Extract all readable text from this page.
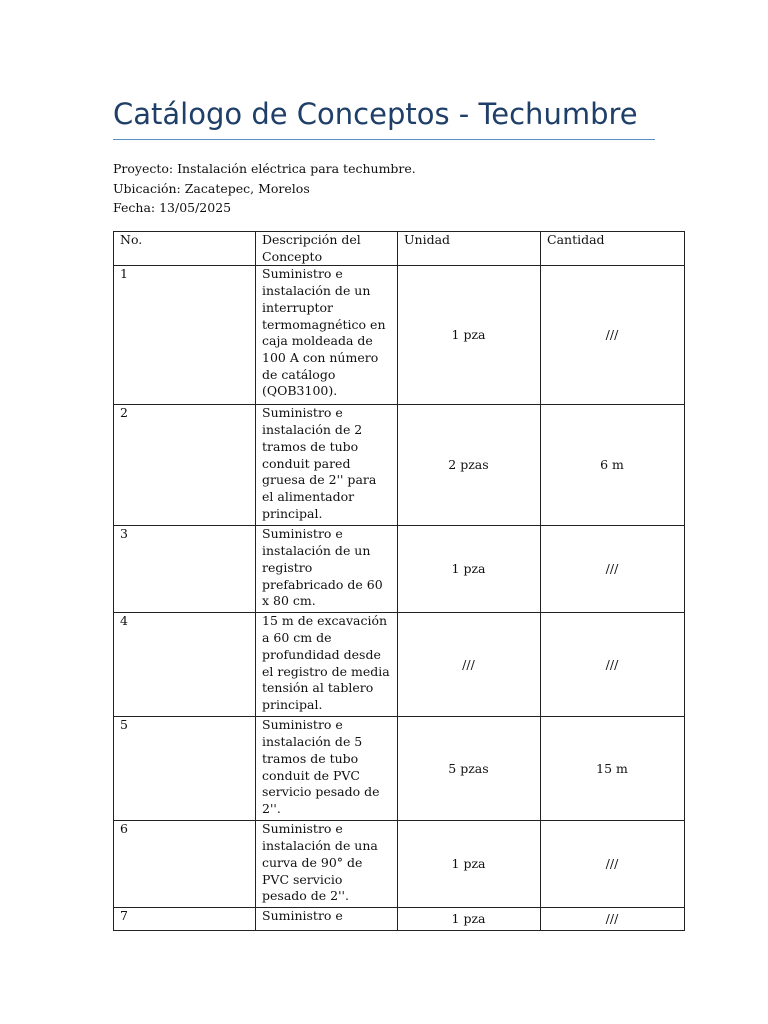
Catálogo de Conceptos - Techumbre
Proyecto: Instalación eléctrica para techumbre.
Ubicación: Zacatepec, Morelos
Fecha: 13/05/2025
No.	Descripción del Concepto	Unidad	Cantidad
1	Suministro e instalación de un interruptor termomagnético en caja moldeada de 100 A con número de catálogo (QOB3100).	1 pza	///
2	Suministro e instalación de 2 tramos de tubo conduit pared gruesa de 2'' para el alimentador principal.	2 pzas	6 m
3	Suministro e instalación de un registro prefabricado de 60 x 80 cm.	1 pza	///
4	15 m de excavación a 60 cm de profundidad desde el registro de media tensión al tablero principal.	///	///
5	Suministro e instalación de 5 tramos de tubo conduit de PVC servicio pesado de 2''.	5 pzas	15 m
6	Suministro e instalación de una curva de 90° de PVC servicio pesado de 2''.	1 pza	///
7	Suministro e	1 pza	///
